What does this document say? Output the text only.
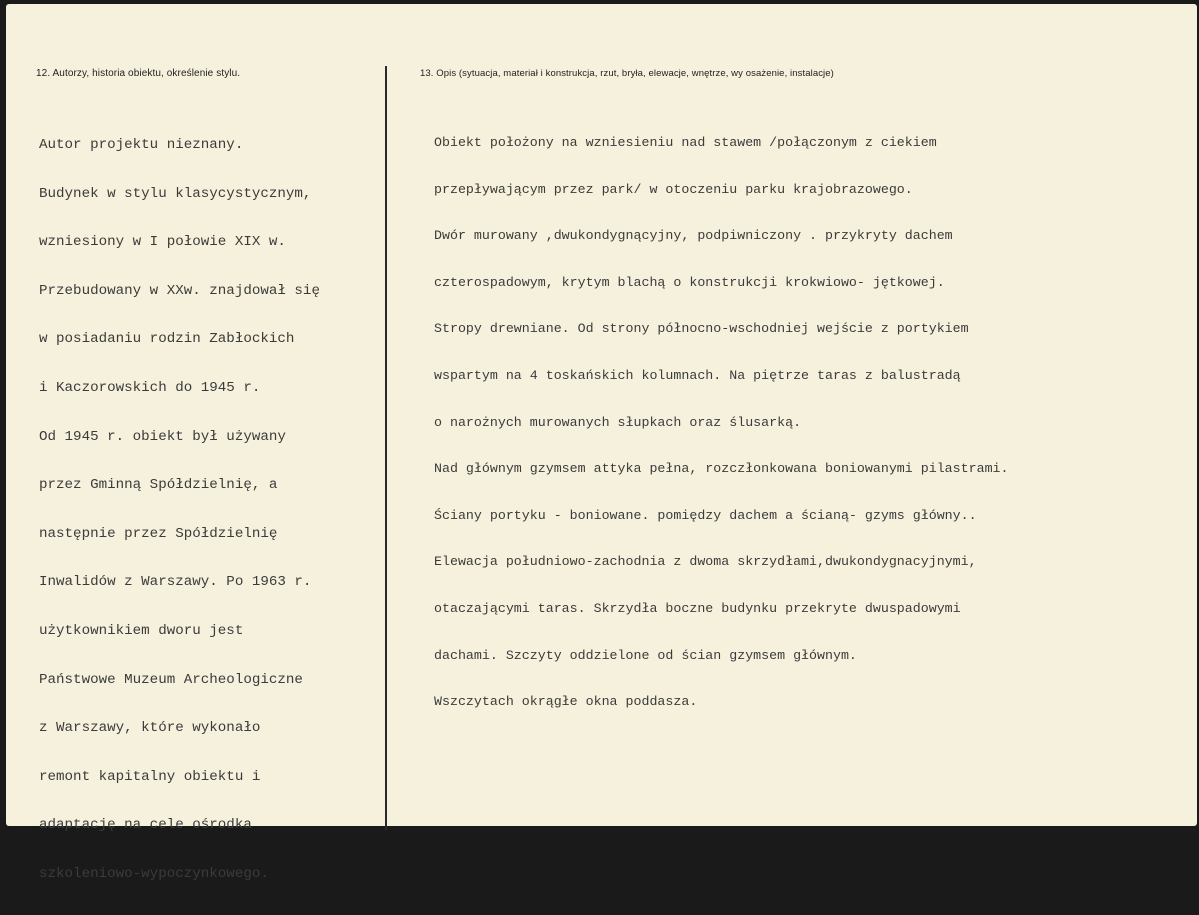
12. Autorzy, historia obiektu, określenie stylu.	13. Opis (sytuacja, materiał i konstrukcja, rzut, bryła, elewacje, wnętrze, wy osażenie, instalacje)

Autor projektu nieznany.

Budynek w stylu klasycystycznym,

wzniesiony w I połowie XIX w.

Przebudowany w XXw. znajdował się

w posiadaniu rodzin Zabłockich

i Kaczorowskich do 1945 r.

Od 1945 r. obiekt był używany

przez Gminną Spółdzielnię, a

następnie przez Spółdzielnię

Inwalidów z Warszawy. Po 1963 r.

użytkownikiem dworu jest

Państwowe Muzeum Archeologiczne

z Warszawy, które wykonało

remont kapitalny obiektu i

adaptację na cele ośrodka

szkoleniowo-wypoczynkowego.

Obiekt położony na wzniesieniu nad stawem /połączonym z ciekiem

przepływającym przez park/ w otoczeniu parku krajobrazowego.

Dwór murowany ,dwukondygnącyjny, podpiwniczony . przykryty dachem

czterospadowym, krytym blachą o konstrukcji krokwiowo- jętkowej.

Stropy drewniane. Od strony północno-wschodniej wejście z portykiem

wspartym na 4 toskańskich kolumnach. Na piętrze taras z balustradą

o narożnych murowanych słupkach oraz ślusarką.

Nad głównym gzymsem attyka pełna, rozczłonkowana boniowanymi pilastrami.

Ściany portyku - boniowane. pomiędzy dachem a ścianą- gzyms główny..

Elewacja południowo-zachodnia z dwoma skrzydłami,dwukondygnacyjnymi,

otaczającymi taras. Skrzydła boczne budynku przekryte dwuspadowymi

dachami. Szczyty oddzielone od ścian gzymsem głównym.

Wszczytach okrągłe okna poddasza.
